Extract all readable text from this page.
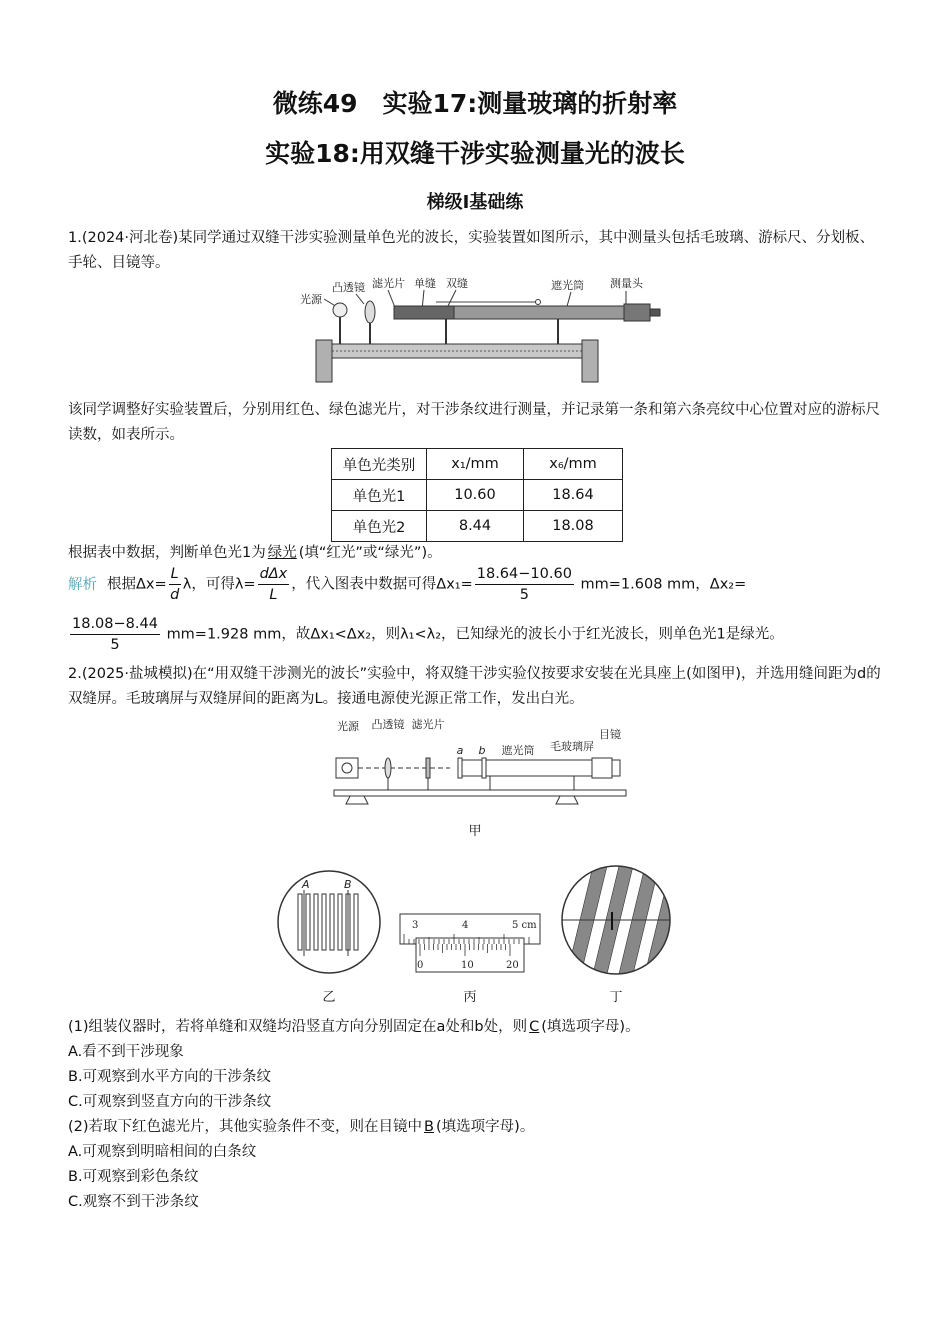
微练49　实验17:测量玻璃的折射率
实验18:用双缝干涉实验测量光的波长
梯级Ⅰ基础练
1.(2024·河北卷)某同学通过双缝干涉实验测量单色光的波长，实验装置如图所示，其中测量头包括毛玻璃、游标尺、分划板、手轮、目镜等。
光源
凸透镜 滤光片 单缝 双缝	遮光筒 测量头
该同学调整好实验装置后，分别用红色、绿色滤光片，对干涉条纹进行测量，并记录第一条和第六条亮纹中心位置对应的游标尺读数，如表所示。
单色光类别	x₁/mm	x₆/mm
单色光1	10.60	18.64
单色光2	8.44	18.08
根据表中数据，判断单色光1为 绿光 (填“红光”或“绿光”)。
解析 根据$\Delta x= \frac{L}{d}$ λ，可得$\lambda= \frac{\text{dΔx}}{L}$ ，代入图表中数据可得$\Delta x_1= \frac{18.64-10.60}{5} mm=1.608$ mm，Δx₂=
$\frac{18.08-8.44}{5} mm=1.928$ mm，故Δx₁<Δx₂，则λ₁<λ₂，已知绿光的波长小于红光波长，则单色光1是绿光。
2.(2025·盐城模拟)在“用双缝干涉测光的波长”实验中，将双缝干涉实验仪按要求安装在光具座上(如图甲)，并选用缝间距为d的双缝屏。毛玻璃屏与双缝屏间的距离为L。接通电源使光源正常工作，发出白光。
光源 凸透镜 滤光片
a b 遮光筒 毛玻璃屏
目镜
甲
A	B
乙
3	4	5 cm
0	10	20
丙	丁
(1)组装仪器时，若将单缝和双缝均沿竖直方向分别固定在a处和b处，则 C (填选项字母)。
A.看不到干涉现象
B.可观察到水平方向的干涉条纹
C.可观察到竖直方向的干涉条纹
(2)若取下红色滤光片，其他实验条件不变，则在目镜中 B (填选项字母)。
A.可观察到明暗相间的白条纹
B.可观察到彩色条纹
C.观察不到干涉条纹
